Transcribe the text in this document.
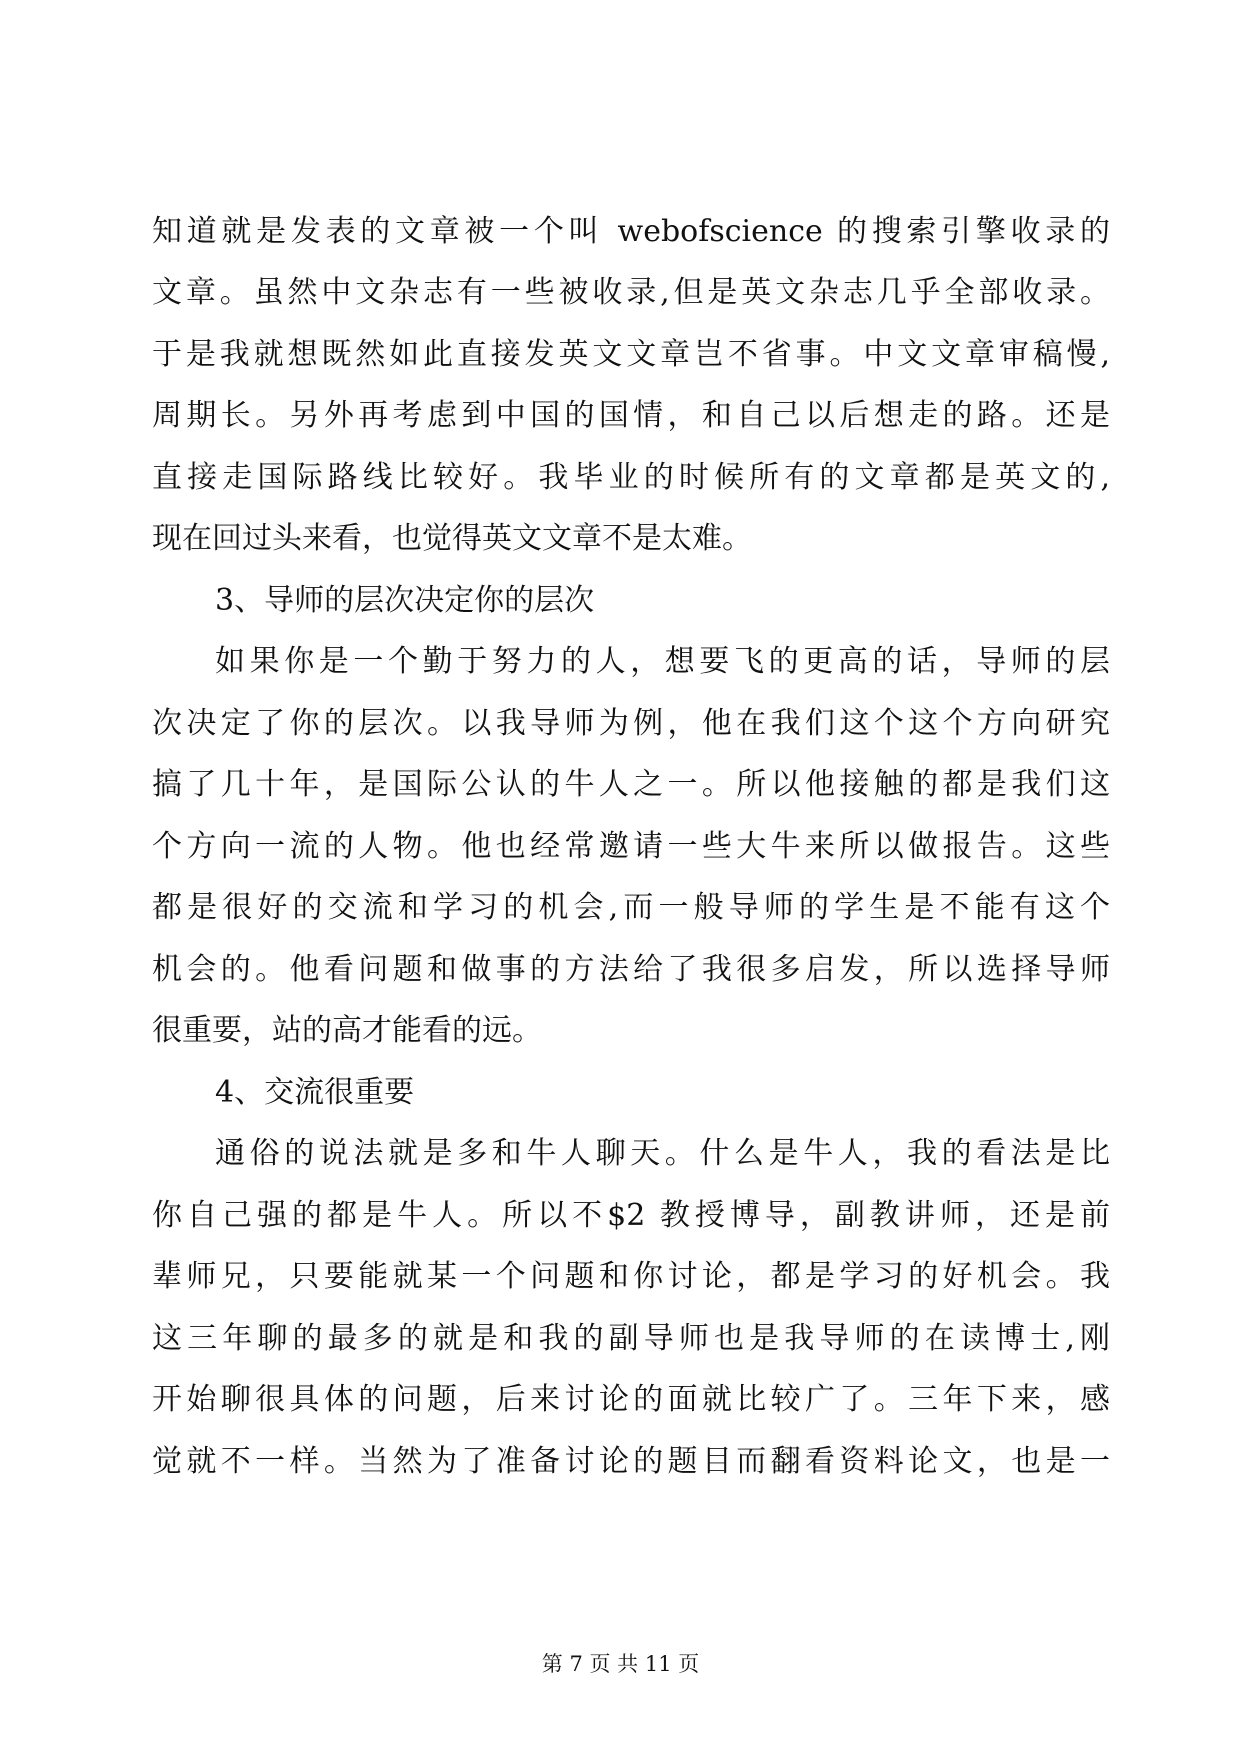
知道就是发表的文章被一个叫 webofscience 的搜索引擎收录的
文章。虽然中文杂志有一些被收录,但是英文杂志几乎全部收录。
于是我就想既然如此直接发英文文章岂不省事。中文文章审稿慢,
周期长。另外再考虑到中国的国情，和自己以后想走的路。还是
直接走国际路线比较好。我毕业的时候所有的文章都是英文的,
现在回过头来看，也觉得英文文章不是太难。
3、导师的层次决定你的层次
如果你是一个勤于努力的人，想要飞的更高的话，导师的层
次决定了你的层次。以我导师为例，他在我们这个这个方向研究
搞了几十年，是国际公认的牛人之一。所以他接触的都是我们这
个方向一流的人物。他也经常邀请一些大牛来所以做报告。这些
都是很好的交流和学习的机会,而一般导师的学生是不能有这个
机会的。他看问题和做事的方法给了我很多启发，所以选择导师
很重要，站的高才能看的远。
4、交流很重要
通俗的说法就是多和牛人聊天。什么是牛人，我的看法是比
你自己强的都是牛人。所以不$2 教授博导，副教讲师，还是前
辈师兄，只要能就某一个问题和你讨论，都是学习的好机会。我
这三年聊的最多的就是和我的副导师也是我导师的在读博士,刚
开始聊很具体的问题，后来讨论的面就比较广了。三年下来，感
觉就不一样。当然为了准备讨论的题目而翻看资料论文，也是一
第 7 页 共 11 页
